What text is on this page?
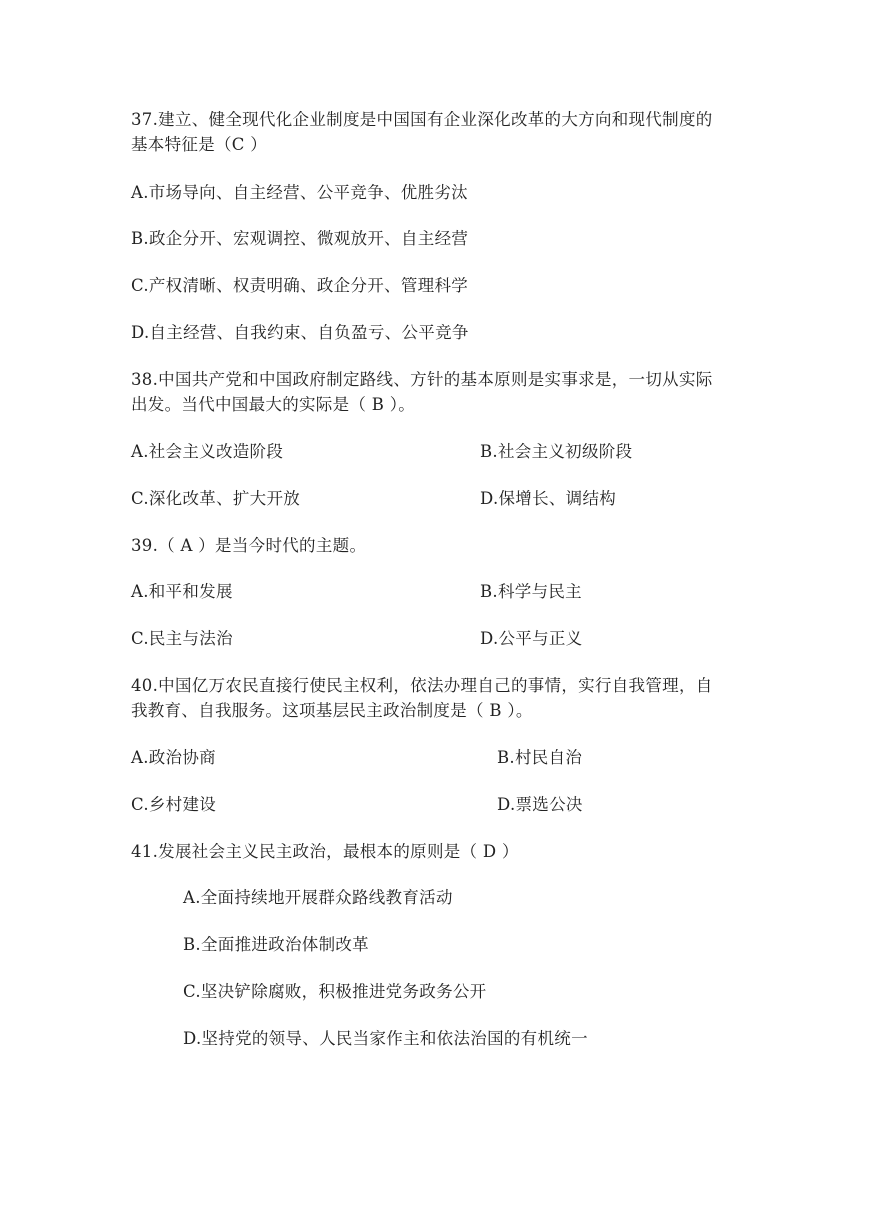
37.建立、健全现代化企业制度是中国国有企业深化改革的大方向和现代制度的
基本特征是（C ）
A.市场导向、自主经营、公平竞争、优胜劣汰
B.政企分开、宏观调控、微观放开、自主经营
C.产权清晰、权责明确、政企分开、管理科学
D.自主经营、自我约束、自负盈亏、公平竞争
38.中国共产党和中国政府制定路线、方针的基本原则是实事求是，一切从实际
出发。当代中国最大的实际是（ B ）。
A.社会主义改造阶段	B.社会主义初级阶段
C.深化改革、扩大开放	D.保增长、调结构
39.（ A ）是当今时代的主题。
A.和平和发展	B.科学与民主
C.民主与法治	D.公平与正义
40.中国亿万农民直接行使民主权利，依法办理自己的事情，实行自我管理，自
我教育、自我服务。这项基层民主政治制度是（ B ）。
A.政治协商	B.村民自治
C.乡村建设	D.票选公决
41.发展社会主义民主政治，最根本的原则是（ D ）
A.全面持续地开展群众路线教育活动
B.全面推进政治体制改革
C.坚决铲除腐败，积极推进党务政务公开
D.坚持党的领导、人民当家作主和依法治国的有机统一
